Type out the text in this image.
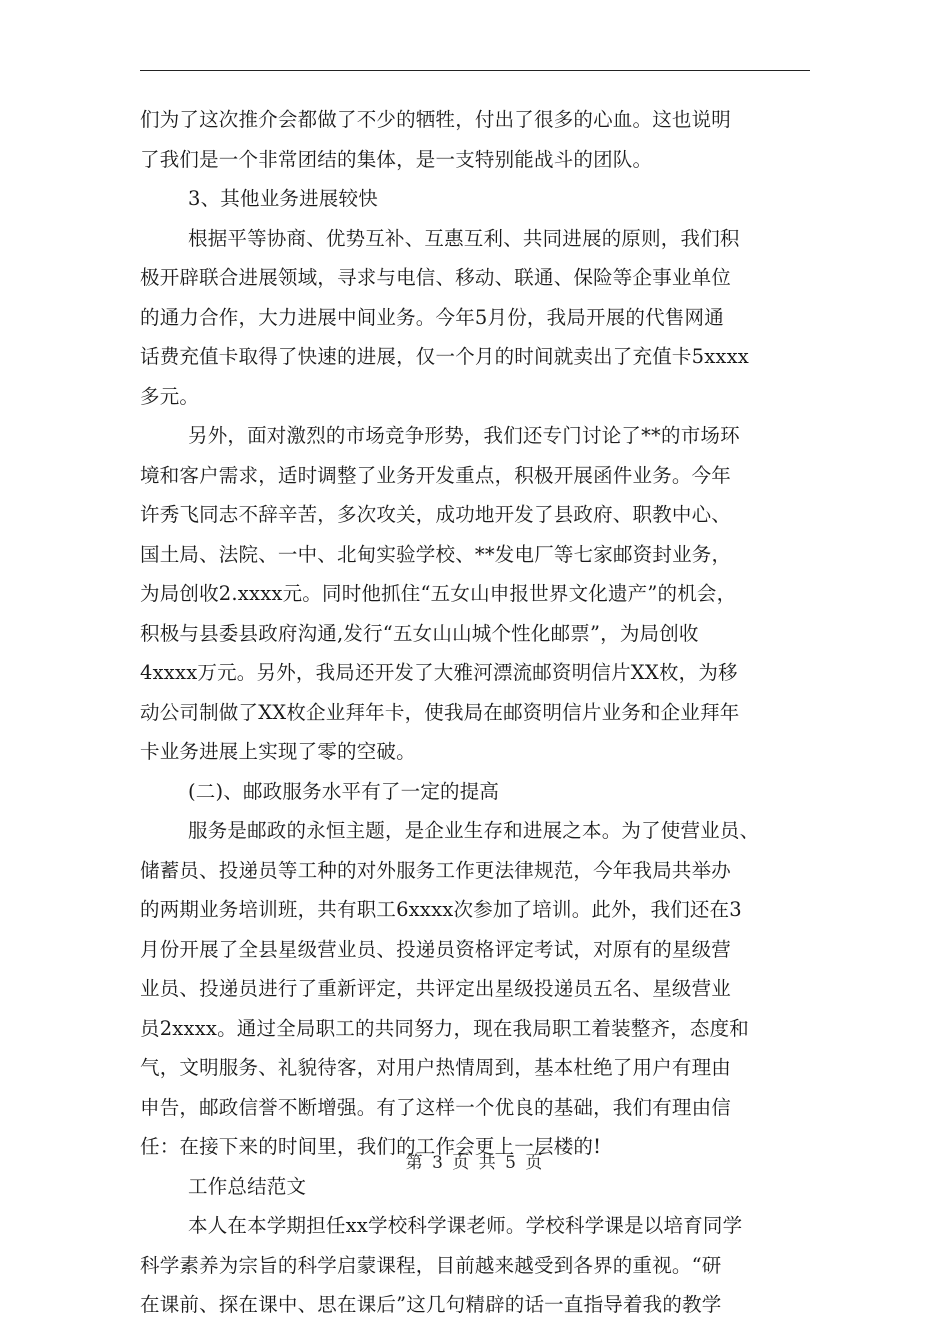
们为了这次推介会都做了不少的牺牲，付出了很多的心血。这也说明
了我们是一个非常团结的集体，是一支特别能战斗的团队。
3、其他业务进展较快
根据平等协商、优势互补、互惠互利、共同进展的原则，我们积
极开辟联合进展领域，寻求与电信、移动、联通、保险等企事业单位
的通力合作，大力进展中间业务。今年5月份，我局开展的代售网通
话费充值卡取得了快速的进展，仅一个月的时间就卖出了充值卡5xxxx
多元。
另外，面对激烈的市场竞争形势，我们还专门讨论了**的市场环
境和客户需求，适时调整了业务开发重点，积极开展函件业务。今年
许秀飞同志不辞辛苦，多次攻关，成功地开发了县政府、职教中心、
国土局、法院、一中、北甸实验学校、**发电厂等七家邮资封业务，
为局创收2.xxxx元。同时他抓住“五女山申报世界文化遗产”的机会，
积极与县委县政府沟通,发行“五女山山城个性化邮票”，为局创收
4xxxx万元。另外，我局还开发了大雅河漂流邮资明信片XX枚，为移
动公司制做了XX枚企业拜年卡，使我局在邮资明信片业务和企业拜年
卡业务进展上实现了零的空破。
(二)、邮政服务水平有了一定的提高
服务是邮政的永恒主题，是企业生存和进展之本。为了使营业员、
储蓄员、投递员等工种的对外服务工作更法律规范，今年我局共举办
的两期业务培训班，共有职工6xxxx次参加了培训。此外，我们还在3
月份开展了全县星级营业员、投递员资格评定考试，对原有的星级营
业员、投递员进行了重新评定，共评定出星级投递员五名、星级营业
员2xxxx。通过全局职工的共同努力，现在我局职工着装整齐，态度和
气，文明服务、礼貌待客，对用户热情周到，基本杜绝了用户有理由
申告，邮政信誉不断增强。有了这样一个优良的基础，我们有理由信
任：在接下来的时间里，我们的工作会更上一层楼的!
工作总结范文
本人在本学期担任xx学校科学课老师。学校科学课是以培育同学
科学素养为宗旨的科学启蒙课程，目前越来越受到各界的重视。“研
在课前、探在课中、思在课后”这几句精辟的话一直指导着我的教学
第 3 页 共 5 页
